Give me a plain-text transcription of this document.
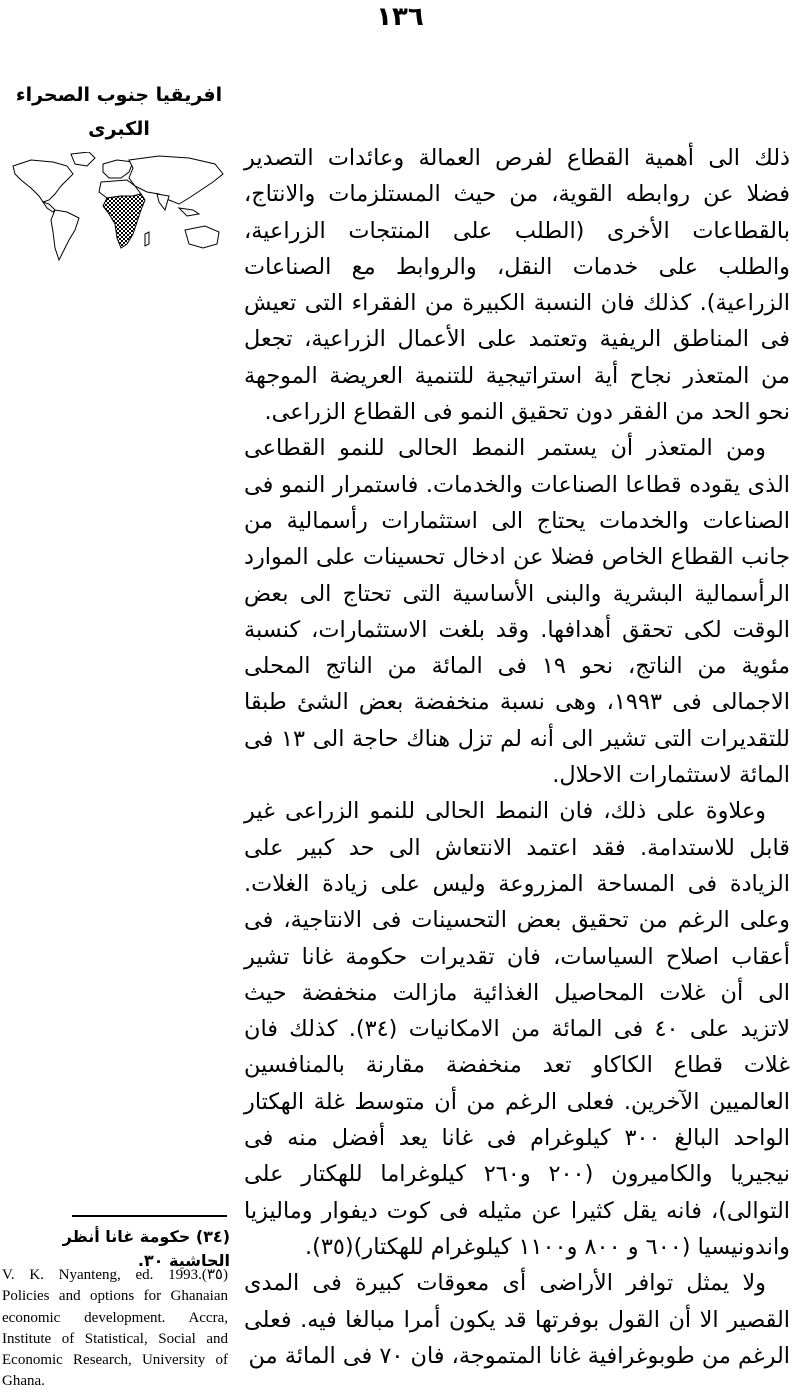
١٣٦
افريقيا جنوب الصحراء
الكبرى

ذلك الى أهمية القطاع لفرص العمالة وعائدات التصدير فضلا عن روابطه القوية، من حيث المستلزمات والانتاج، بالقطاعات الأخرى (الطلب على المنتجات الزراعية، والطلب على خدمات النقل، والروابط مع الصناعات الزراعية). كذلك فان النسبة الكبيرة من الفقراء التى تعيش فى المناطق الريفية وتعتمد على الأعمال الزراعية، تجعل من المتعذر نجاح أية استراتيجية للتنمية العريضة الموجهة نحو الحد من الفقر دون تحقيق النمو فى القطاع الزراعى.

ومن المتعذر أن يستمر النمط الحالى للنمو القطاعى الذى يقوده قطاعا الصناعات والخدمات. فاستمرار النمو فى الصناعات والخدمات يحتاج الى استثمارات رأسمالية من جانب القطاع الخاص فضلا عن ادخال تحسينات على الموارد الرأسمالية البشرية والبنى الأساسية التى تحتاج الى بعض الوقت لكى تحقق أهدافها. وقد بلغت الاستثمارات، كنسبة مئوية من الناتج، نحو ١٩ فى المائة من الناتج المحلى الاجمالى فى ١٩٩٣، وهى نسبة منخفضة بعض الشئ طبقا للتقديرات التى تشير الى أنه لم تزل هناك حاجة الى ١٣ فى المائة لاستثمارات الاحلال.

وعلاوة على ذلك، فان النمط الحالى للنمو الزراعى غير قابل للاستدامة. فقد اعتمد الانتعاش الى حد كبير على الزيادة فى المساحة المزروعة وليس على زيادة الغلات. وعلى الرغم من تحقيق بعض التحسينات فى الانتاجية، فى أعقاب اصلاح السياسات، فان تقديرات حكومة غانا تشير الى أن غلات المحاصيل الغذائية مازالت منخفضة حيث لاتزيد على ٤٠ فى المائة من الامكانيات (٣٤). كذلك فان غلات قطاع الكاكاو تعد منخفضة مقارنة بالمنافسين العالميين الآخرين. فعلى الرغم من أن متوسط غلة الهكتار الواحد البالغ ٣٠٠ كيلوغرام فى غانا يعد أفضل منه فى نيجيريا والكاميرون (٢٠٠ و٢٦٠ كيلوغراما للهكتار على التوالى)، فانه يقل كثيرا عن مثيله فى كوت ديفوار وماليزيا واندونيسيا (٦٠٠ و ٨٠٠ و١١٠٠ كيلوغرام للهكتار)(٣٥).

ولا يمثل توافر الأراضى أى معوقات كبيرة فى المدى القصير الا أن القول بوفرتها قد يكون أمرا مبالغا فيه. فعلى الرغم من طوبوغرافية غانا المتموجة، فان ٧٠ فى المائة من

(٣٤) حكومة غانا أنظر الحاشية ٣٠.
(٣٥)
V. K. Nyanteng, ed. 1993. Policies and options for Ghanaian economic development. Accra, Institute of Statistical, Social and Economic Research, University of Ghana.
